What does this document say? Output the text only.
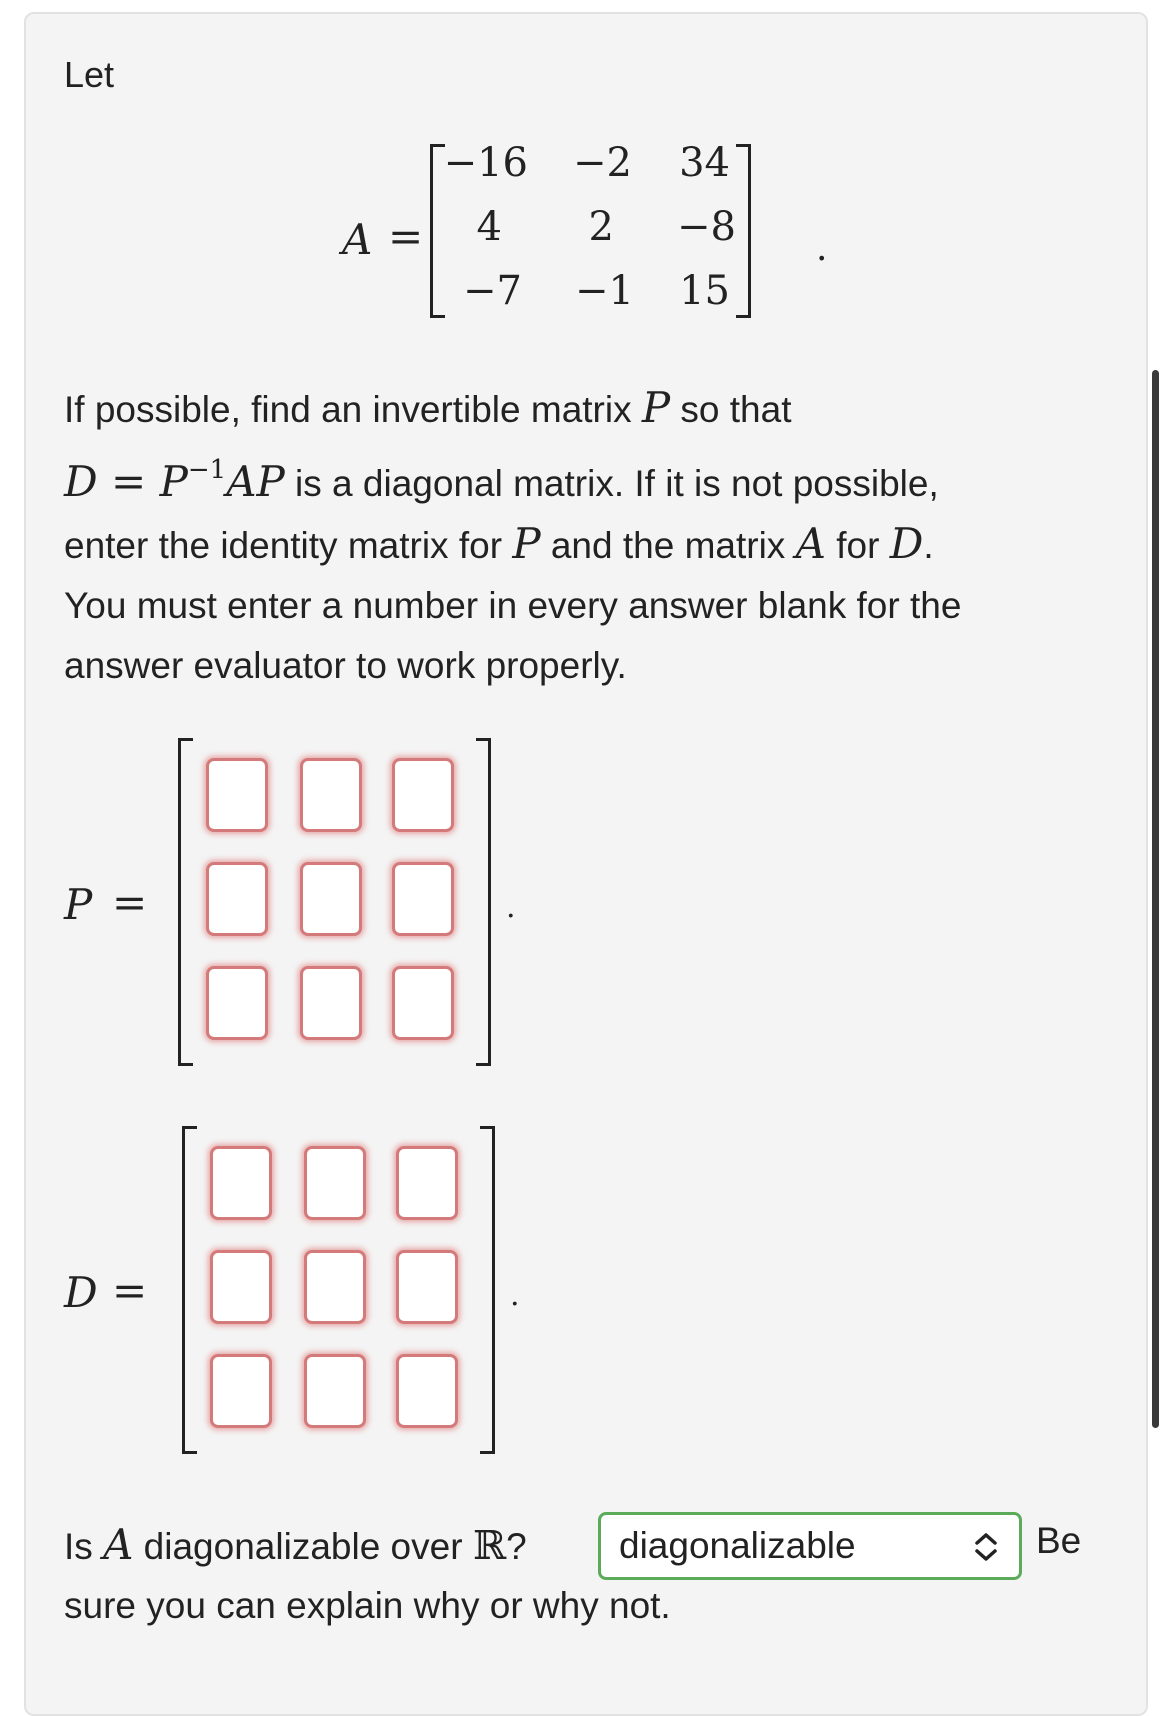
Let
A =
−16	−2	34
4	2	−8
−7	−1	15
.
If possible, find an invertible matrix P so that
$D = P^{-1}AP$ is a diagonal matrix. If it is not possible,
enter the identity matrix for P and the matrix A for D.
You must enter a number in every answer blank for the
answer evaluator to work properly.
P =	.
D =	.
Is A diagonalizable over ℝ? diagonalizable	Be
sure you can explain why or why not.
